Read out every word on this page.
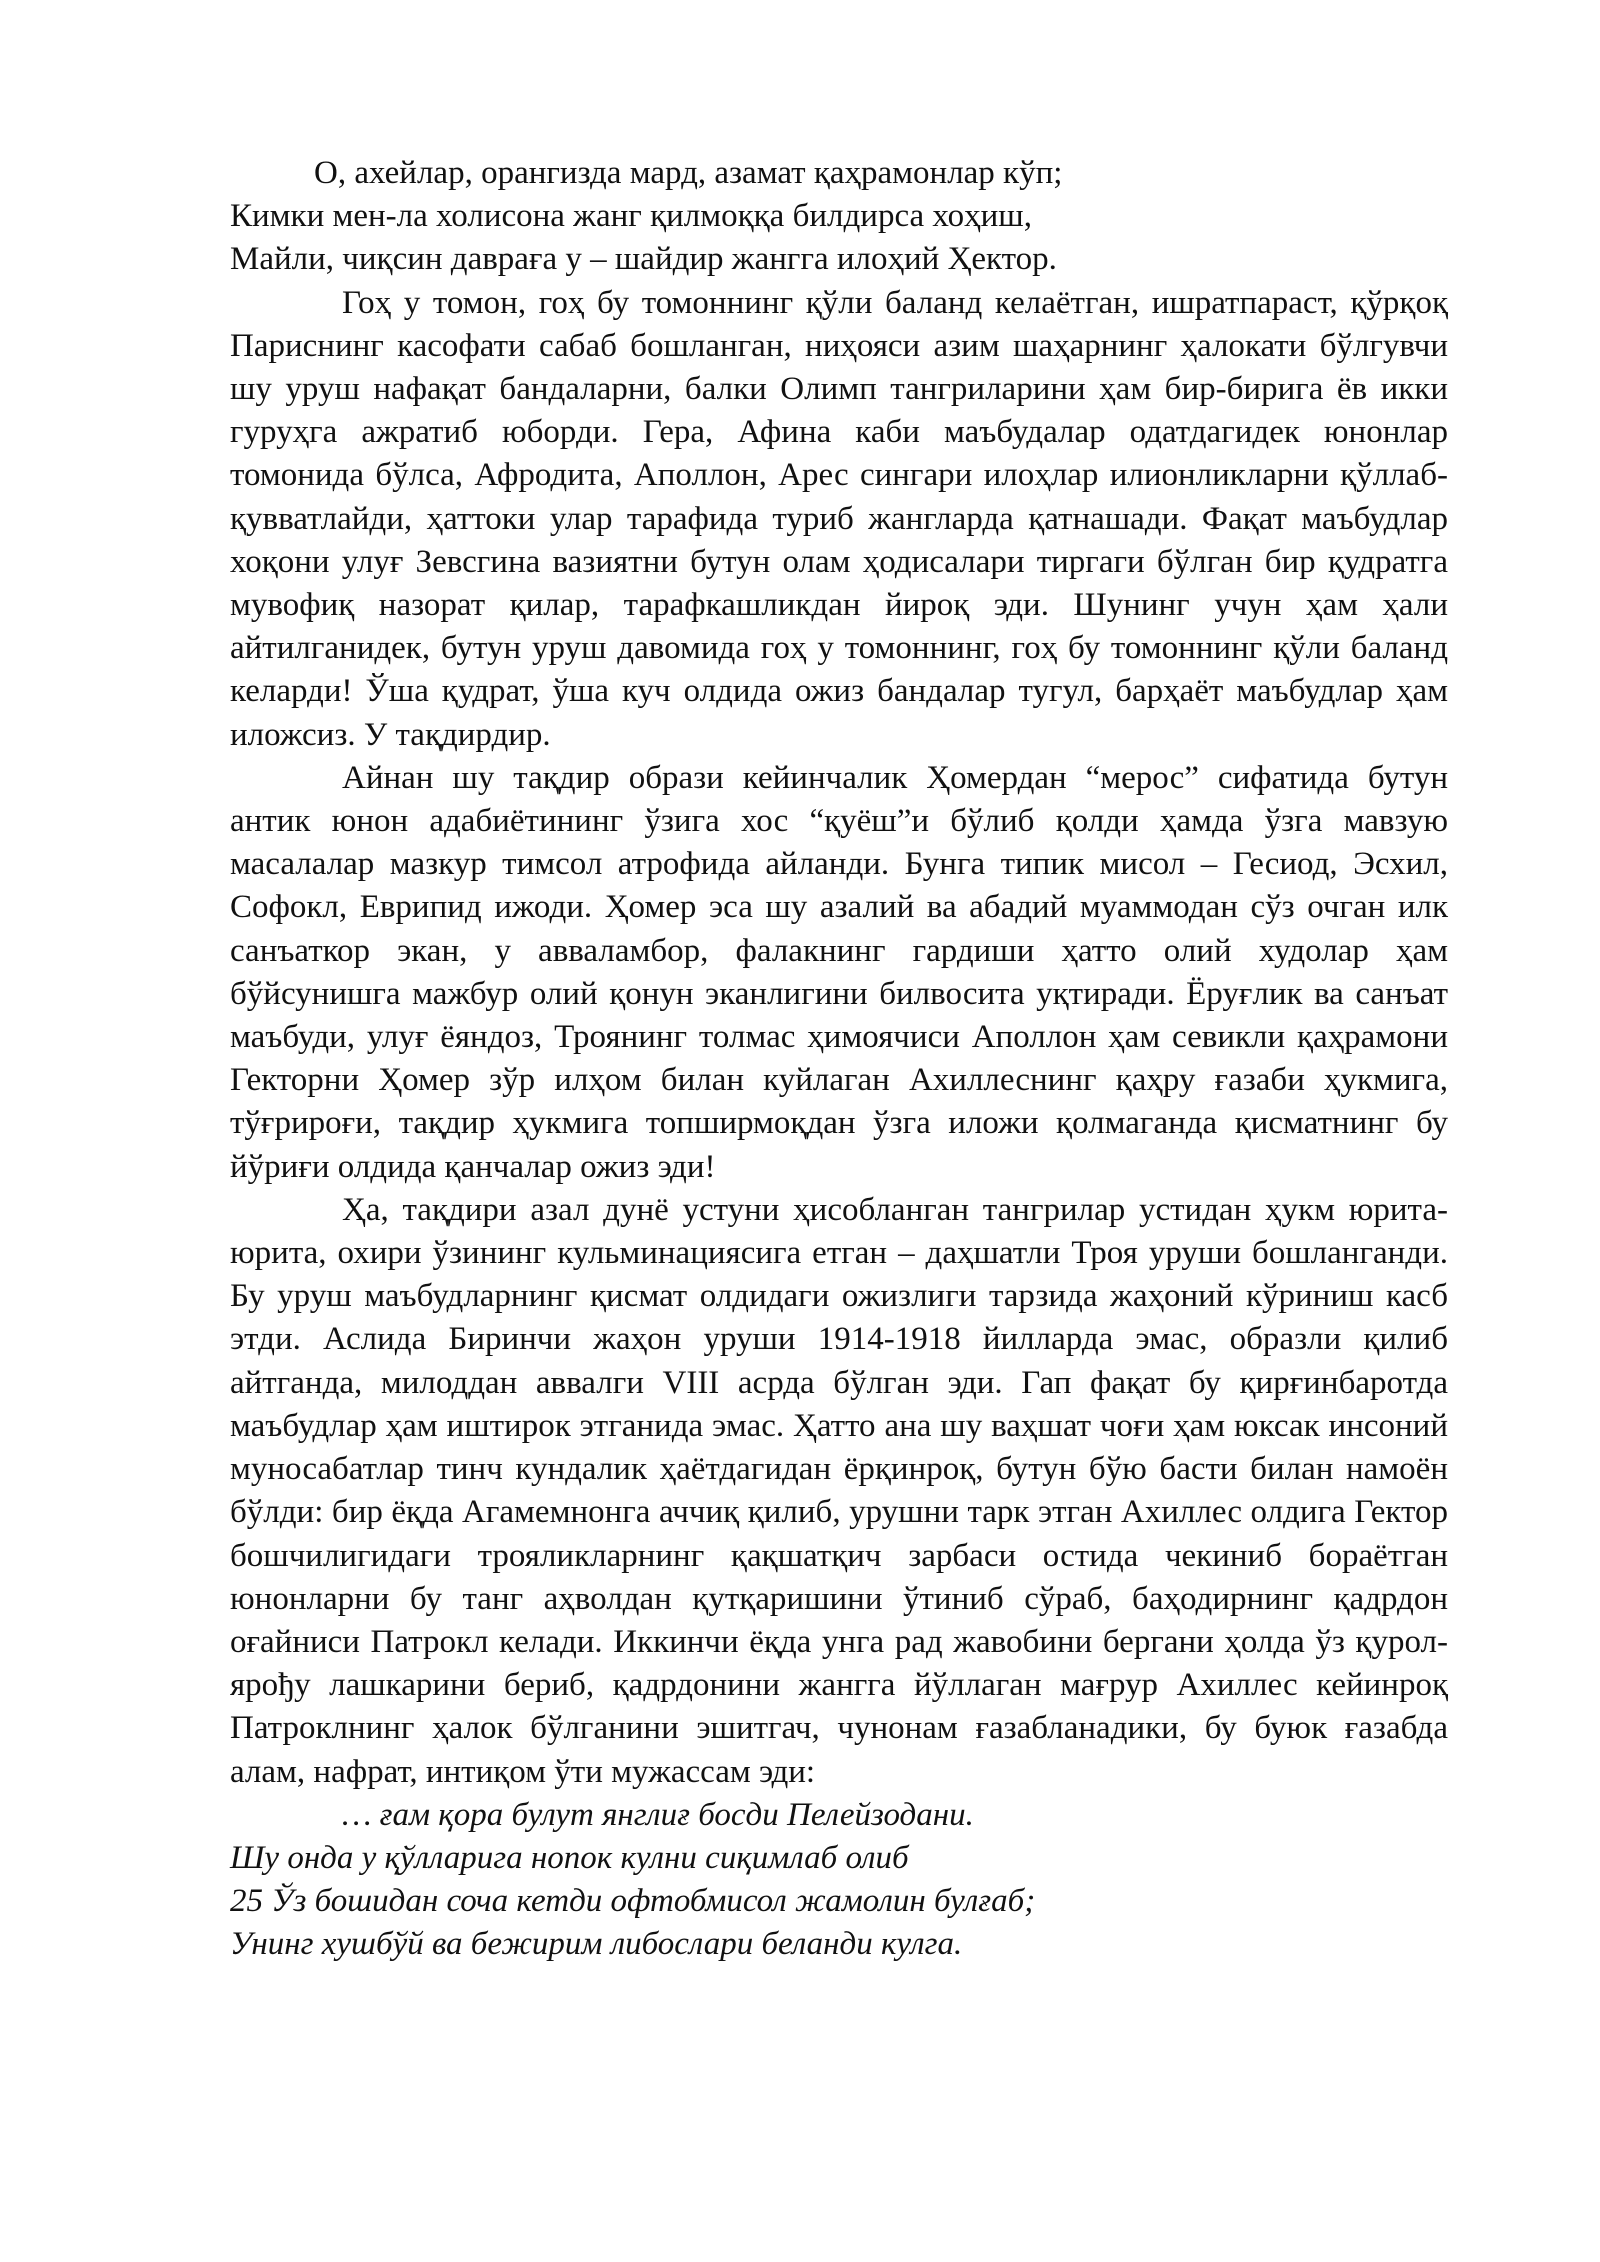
О, ахейлар, орангизда мард, азамат қаҳрамонлар кўп;

Кимки мен-ла холисона жанг қилмоққа билдирса хоҳиш,

Майли, чиқсин давраға у – шайдир жангга илоҳий Ҳектор.

Гоҳ у томон, гоҳ бу томоннинг қўли баланд келаётган, ишратпараст, қўрқоқ Париснинг касофати сабаб бошланган, ниҳояси азим шаҳарнинг ҳалокати бўлгувчи шу уруш нафақат бандаларни, балки Олимп тангриларини ҳам бир-бирига ёв икки гуруҳга ажратиб юборди. Гера, Афина каби маъбудалар одатдагидек юнонлар томонида бўлса, Афродита, Аполлон, Арес сингари илоҳлар илионликларни қўллаб-қувватлайди, ҳаттоки улар тарафида туриб жангларда қатнашади. Фақат маъбудлар хоқони улуғ Зевсгина вазиятни бутун олам ҳодисалари тиргаги бўлган бир қудратга мувофиқ назорат қилар, тарафкашликдан йироқ эди. Шунинг учун ҳам ҳали айтилганидек, бутун уруш давомида гоҳ у томоннинг, гоҳ бу томоннинг қўли баланд келарди! Ўша қудрат, ўша куч олдида ожиз бандалар тугул, барҳаёт маъбудлар ҳам иложсиз. У тақдирдир.

Айнан шу тақдир образи кейинчалик Ҳомердан “мерос” сифатида бутун антик юнон адабиётининг ўзига хос “қуёш”и бўлиб қолди ҳамда ўзга мавзую масалалар мазкур тимсол атрофида айланди. Бунга типик мисол – Гесиод, Эсхил, Софокл, Еврипид ижоди. Ҳомер эса шу азалий ва абадий муаммодан сўз очган илк санъаткор экан, у авваламбор, фалакнинг гардиши ҳатто олий худолар ҳам бўйсунишга мажбур олий қонун эканлигини билвосита уқтиради. Ёруғлик ва санъат маъбуди, улуғ ёяндоз, Троянинг толмас ҳимоячиси Аполлон ҳам севикли қаҳрамони Гекторни Ҳомер зўр илҳом билан куйлаган Ахиллеснинг қаҳру ғазаби ҳукмига, тўғрироғи, тақдир ҳукмига топширмоқдан ўзга иложи қолмаганда қисматнинг бу йўриғи олдида қанчалар ожиз эди!

Ҳа, тақдири азал дунё устуни ҳисобланган тангрилар устидан ҳукм юрита-юрита, охири ўзининг кульминациясига етган – даҳшатли Троя уруши бошланганди. Бу уруш маъбудларнинг қисмат олдидаги ожизлиги тарзида жаҳоний кўриниш касб этди. Аслида Биринчи жаҳон уруши 1914-1918 йилларда эмас, образли қилиб айтганда, милоддан аввалги VIII асрда бўлган эди. Гап фақат бу қирғинбаротда маъбудлар ҳам иштирок этганида эмас. Ҳатто ана шу ваҳшат чоғи ҳам юксак инсоний муносабатлар тинч кундалик ҳаётдагидан ёрқинроқ, бутун бўю басти билан намоён бўлди: бир ёқда Агамемнонга аччиқ қилиб, урушни тарк этган Ахиллес олдига Гектор бошчилигидаги трояликларнинг қақшатқич зарбаси остида чекиниб бораётган юнонларни бу танг аҳволдан қутқаришини ўтиниб сўраб, баҳодирнинг қадрдон оғайниси Патрокл келади. Иккинчи ёқда унга рад жавобини бергани ҳолда ўз қурол-ярођу лашкарини бериб, қадрдонини жангга йўллаган мағрур Ахиллес кейинроқ Патроклнинг ҳалок бўлганини эшитгач, чунонам ғазабланадики, бу буюк ғазабда алам, нафрат, интиқом ўти мужассам эди:

… ғам қора булут янглиғ босди Пелейзодани.

Шу онда у қўлларига нопок кулни сиқимлаб олиб

25 Ўз бошидан соча кетди офтобмисол жамолин булғаб;

Унинг хушбўй ва бежирим либослари беланди кулга.
